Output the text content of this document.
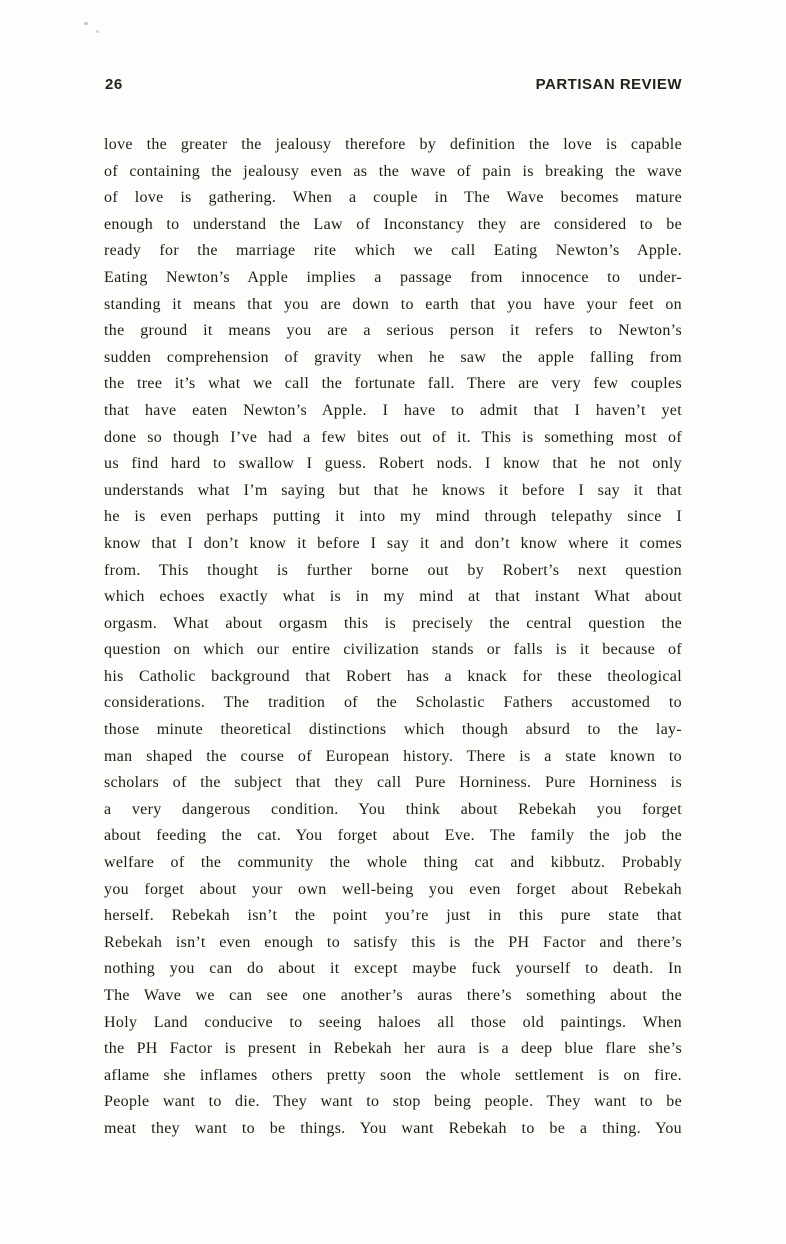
26	PARTISAN REVIEW
love the greater the jealousy therefore by definition the love is capable
of containing the jealousy even as the wave of pain is breaking the wave
of love is gathering. When a couple in The Wave becomes mature
enough to understand the Law of Inconstancy they are considered to be
ready for the marriage rite which we call Eating Newton’s Apple.
Eating Newton’s Apple implies a passage from innocence to under-
standing it means that you are down to earth that you have your feet on
the ground it means you are a serious person it refers to Newton’s
sudden comprehension of gravity when he saw the apple falling from
the tree it’s what we call the fortunate fall. There are very few couples
that have eaten Newton’s Apple. I have to admit that I haven’t yet
done so though I’ve had a few bites out of it. This is something most of
us find hard to swallow I guess. Robert nods. I know that he not only
understands what I’m saying but that he knows it before I say it that
he is even perhaps putting it into my mind through telepathy since I
know that I don’t know it before I say it and don’t know where it comes
from. This thought is further borne out by Robert’s next question
which echoes exactly what is in my mind at that instant What about
orgasm. What about orgasm this is precisely the central question the
question on which our entire civilization stands or falls is it because of
his Catholic background that Robert has a knack for these theological
considerations. The tradition of the Scholastic Fathers accustomed to
those minute theoretical distinctions which though absurd to the lay-
man shaped the course of European history. There is a state known to
scholars of the subject that they call Pure Horniness. Pure Horniness is
a very dangerous condition. You think about Rebekah you forget
about feeding the cat. You forget about Eve. The family the job the
welfare of the community the whole thing cat and kibbutz. Probably
you forget about your own well-being you even forget about Rebekah
herself. Rebekah isn’t the point you’re just in this pure state that
Rebekah isn’t even enough to satisfy this is the PH Factor and there’s
nothing you can do about it except maybe fuck yourself to death. In
The Wave we can see one another’s auras there’s something about the
Holy Land conducive to seeing haloes all those old paintings. When
the PH Factor is present in Rebekah her aura is a deep blue flare she’s
aflame she inflames others pretty soon the whole settlement is on fire.
People want to die. They want to stop being people. They want to be
meat they want to be things. You want Rebekah to be a thing. You
